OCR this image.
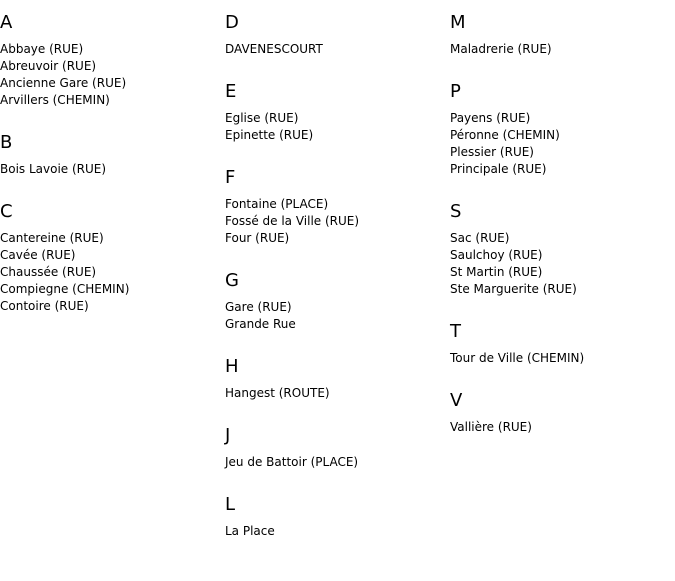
A
Abbaye (RUE)
Abreuvoir (RUE)
Ancienne Gare (RUE)
Arvillers (CHEMIN)
B
Bois Lavoie (RUE)
C
Cantereine (RUE)
Cavée (RUE)
Chaussée (RUE)
Compiegne (CHEMIN)
Contoire (RUE)
D
DAVENESCOURT
E
Eglise (RUE)
Epinette (RUE)
F
Fontaine (PLACE)
Fossé de la Ville (RUE)
Four (RUE)
G
Gare (RUE)
Grande Rue
H
Hangest (ROUTE)
J
Jeu de Battoir (PLACE)
L
La Place
M
Maladrerie (RUE)
P
Payens (RUE)
Péronne (CHEMIN)
Plessier (RUE)
Principale (RUE)
S
Sac (RUE)
Saulchoy (RUE)
St Martin (RUE)
Ste Marguerite (RUE)
T
Tour de Ville (CHEMIN)
V
Vallière (RUE)
